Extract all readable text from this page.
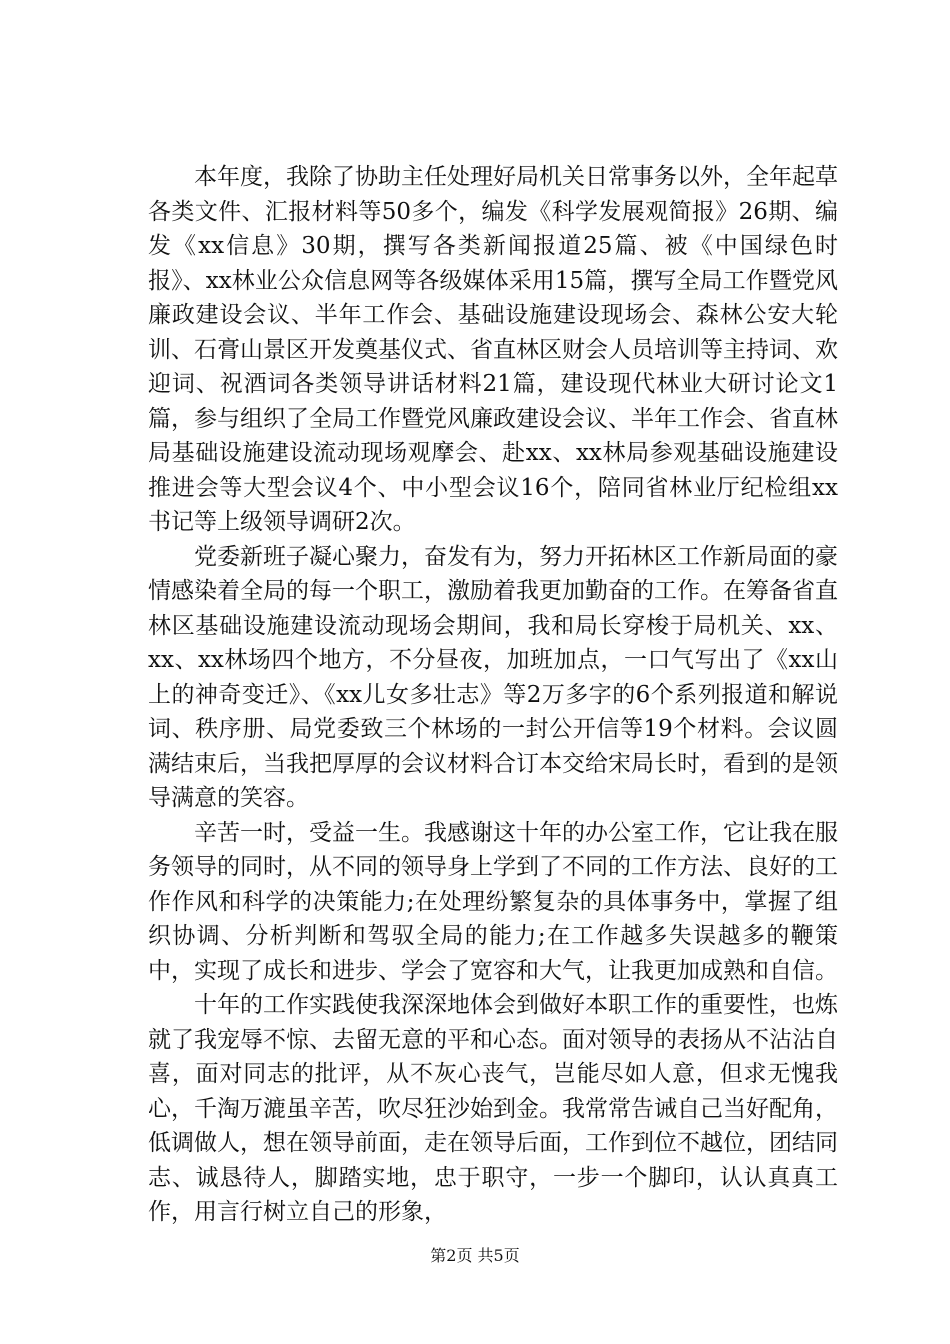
本年度，我除了协助主任处理好局机关日常事务以外，全年起草各类文件、汇报材料等50多个，编发《科学发展观简报》26期、编发《xx信息》30期，撰写各类新闻报道25篇、被《中国绿色时报》、xx林业公众信息网等各级媒体采用15篇，撰写全局工作暨党风廉政建设会议、半年工作会、基础设施建设现场会、森林公安大轮训、石膏山景区开发奠基仪式、省直林区财会人员培训等主持词、欢迎词、祝酒词各类领导讲话材料21篇，建设现代林业大研讨论文1篇，参与组织了全局工作暨党风廉政建设会议、半年工作会、省直林局基础设施建设流动现场观摩会、赴xx、xx林局参观基础设施建设推进会等大型会议4个、中小型会议16个，陪同省林业厅纪检组xx书记等上级领导调研2次。

党委新班子凝心聚力，奋发有为，努力开拓林区工作新局面的豪情感染着全局的每一个职工，激励着我更加勤奋的工作。在筹备省直林区基础设施建设流动现场会期间，我和局长穿梭于局机关、xx、xx、xx林场四个地方，不分昼夜，加班加点，一口气写出了《xx山上的神奇变迁》、《xx儿女多壮志》等2万多字的6个系列报道和解说词、秩序册、局党委致三个林场的一封公开信等19个材料。会议圆满结束后，当我把厚厚的会议材料合订本交给宋局长时，看到的是领导满意的笑容。

辛苦一时，受益一生。我感谢这十年的办公室工作，它让我在服务领导的同时，从不同的领导身上学到了不同的工作方法、良好的工作作风和科学的决策能力;在处理纷繁复杂的具体事务中，掌握了组织协调、分析判断和驾驭全局的能力;在工作越多失误越多的鞭策中，实现了成长和进步、学会了宽容和大气，让我更加成熟和自信。

十年的工作实践使我深深地体会到做好本职工作的重要性，也炼就了我宠辱不惊、去留无意的平和心态。面对领导的表扬从不沾沾自喜，面对同志的批评，从不灰心丧气，岂能尽如人意，但求无愧我心，千淘万漉虽辛苦，吹尽狂沙始到金。我常常告诫自己当好配角，低调做人，想在领导前面，走在领导后面，工作到位不越位，团结同志、诚恳待人，脚踏实地，忠于职守，一步一个脚印，认认真真工作，用言行树立自己的形象，

第2页 共5页
